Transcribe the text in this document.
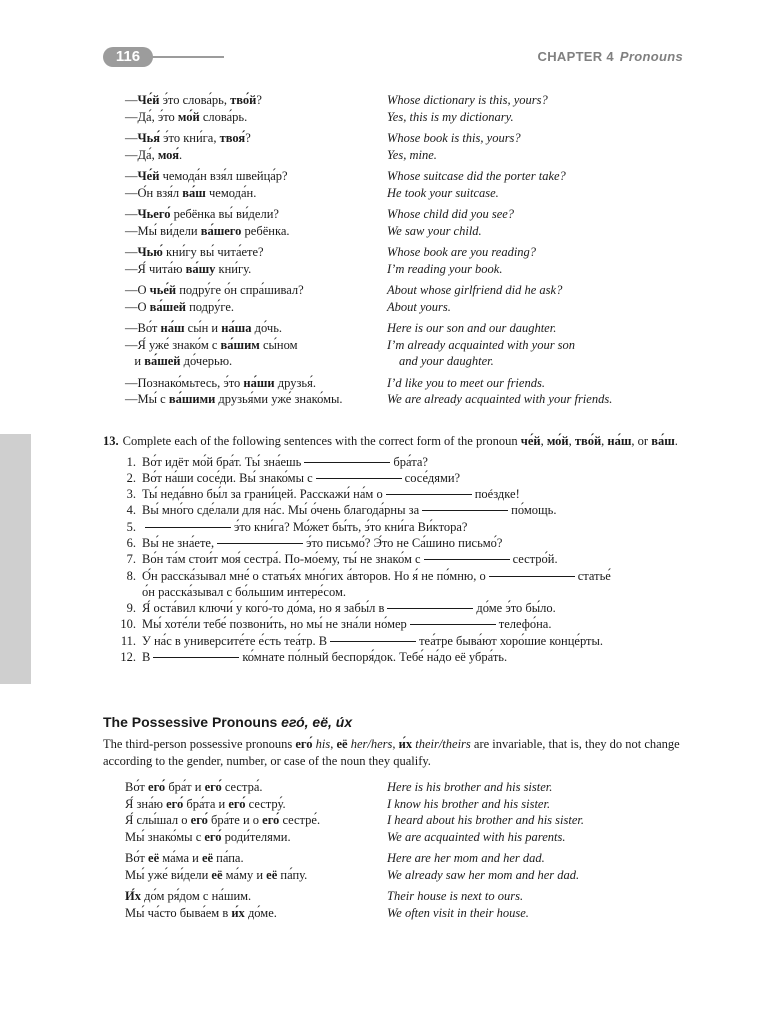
116	CHAPTER 4 Pronouns
—Че́й э́то слова́рь, тво́й?	Whose dictionary is this, yours?
—Да́, э́то мо́й слова́рь.	Yes, this is my dictionary.
—Чья́ э́то кни́га, твоя́?	Whose book is this, yours?
—Да́, моя́.	Yes, mine.
—Че́й чемода́н взя́л швейца́р?	Whose suitcase did the porter take?
—О́н взя́л ва́ш чемода́н.	He took your suitcase.
—Чьего́ ребёнка вы́ ви́дели?	Whose child did you see?
—Мы́ ви́дели ва́шего ребёнка.	We saw your child.
—Чью́ кни́гу вы́ чита́ете?	Whose book are you reading?
—Я́ чита́ю ва́шу кни́гу.	I’m reading your book.
—О чье́й подру́ге о́н спра́шивал?	About whose girlfriend did he ask?
—О ва́шей подру́ге.	About yours.
—Во́т на́ш сы́н и на́ша до́чь.	Here is our son and our daughter.
—Я́ уже́ знако́м с ва́шим сы́ном	I’m already acquainted with your son
и ва́шей до́черью.	and your daughter.
—Познако́мьтесь, э́то на́ши друзья́.	I’d like you to meet our friends.
—Мы́ с ва́шими друзья́ми уже́ знако́мы.	We are already acquainted with your friends.
13. Complete each of the following sentences with the correct form of the pronoun че́й, мо́й, тво́й, на́ш, or ва́ш.
1. Во́т идёт мо́й бра́т. Ты́ зна́ешь	бра́та?
2. Во́т на́ши сосе́ди. Вы́ знако́мы с	сосе́дями?
3. Ты́ неда́вно бы́л за грани́цей. Расскажи́ на́м о	поéздке!
4. Вы́ мно́го сде́лали для на́с. Мы́ о́чень благода́рны за	по́мощь.
5.	э́то кни́га? Мо́жет бы́ть, э́то кни́га Ви́ктора?
6. Вы́ не зна́ете,	э́то письмо́? Э́то не Са́шино письмо́?
7. Во́н та́м стои́т моя́ сестра́. По-мо́ему, ты́ не знако́м с	сестро́й.
8. О́н расска́зывал мне́ о статья́х мно́гих а́второв. Но я́ не по́мню, о	статье́
о́н расска́зывал с бо́льшим интере́сом.
9. Я́ оста́вил ключи́ у кого́-то до́ма, но я забы́л в	до́ме э́то бы́ло.
10. Мы́ хоте́ли тебе́ позвони́ть, но мы́ не зна́ли но́мер	телефо́на.
11. У на́с в университе́те е́сть теа́тр. В	теа́тре быва́ют хоро́шие конце́рты.
12. В	ко́мнате по́лный беспоря́док. Тебе́ на́до её убра́ть.
The Possessive Pronouns его́, её, и́х
The third-person possessive pronouns его́ his, её her/hers, и́х their/theirs are invariable, that is, they do not change according to the gender, number, or case of the noun they qualify.
Во́т его́ бра́т и его́ сестра́.	Here is his brother and his sister.
Я́ зна́ю его́ бра́та и его́ сестру́.	I know his brother and his sister.
Я́ слы́шал о его́ бра́те и о его́ сестре́.	I heard about his brother and his sister.
Мы́ знако́мы с его́ роди́телями.	We are acquainted with his parents.
Во́т её ма́ма и её па́па.	Here are her mom and her dad.
Мы́ уже́ ви́дели её ма́му и её па́пу.	We already saw her mom and her dad.
И́х до́м ря́дом с на́шим.	Their house is next to ours.
Мы́ ча́сто быва́ем в и́х до́ме.	We often visit in their house.
